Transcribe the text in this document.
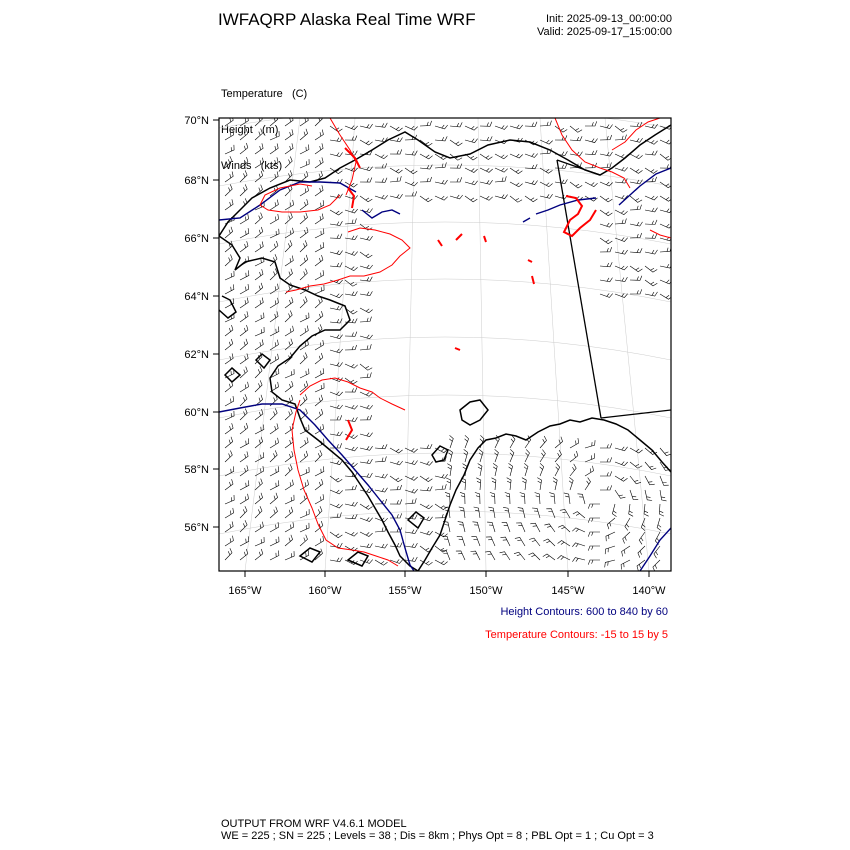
IWFAQRP Alaska Real Time WRF	Init: 2025-09-13_00:00:00
Valid: 2025-09-17_15:00:00

Temperature (C)

Height (m)

Winds (kts)

70°N
68°N
66°N
64°N
62°N
60°N
58°N
56°N
165°W	160°W	155°W	150°W	145°W	140°W
Height Contours: 600 to 840 by 60
Temperature Contours: -15 to 15 by 5
OUTPUT FROM WRF V4.6.1 MODEL
WE = 225 ; SN = 225 ; Levels = 38 ; Dis = 8km ; Phys Opt = 8 ; PBL Opt = 1 ; Cu Opt = 3
